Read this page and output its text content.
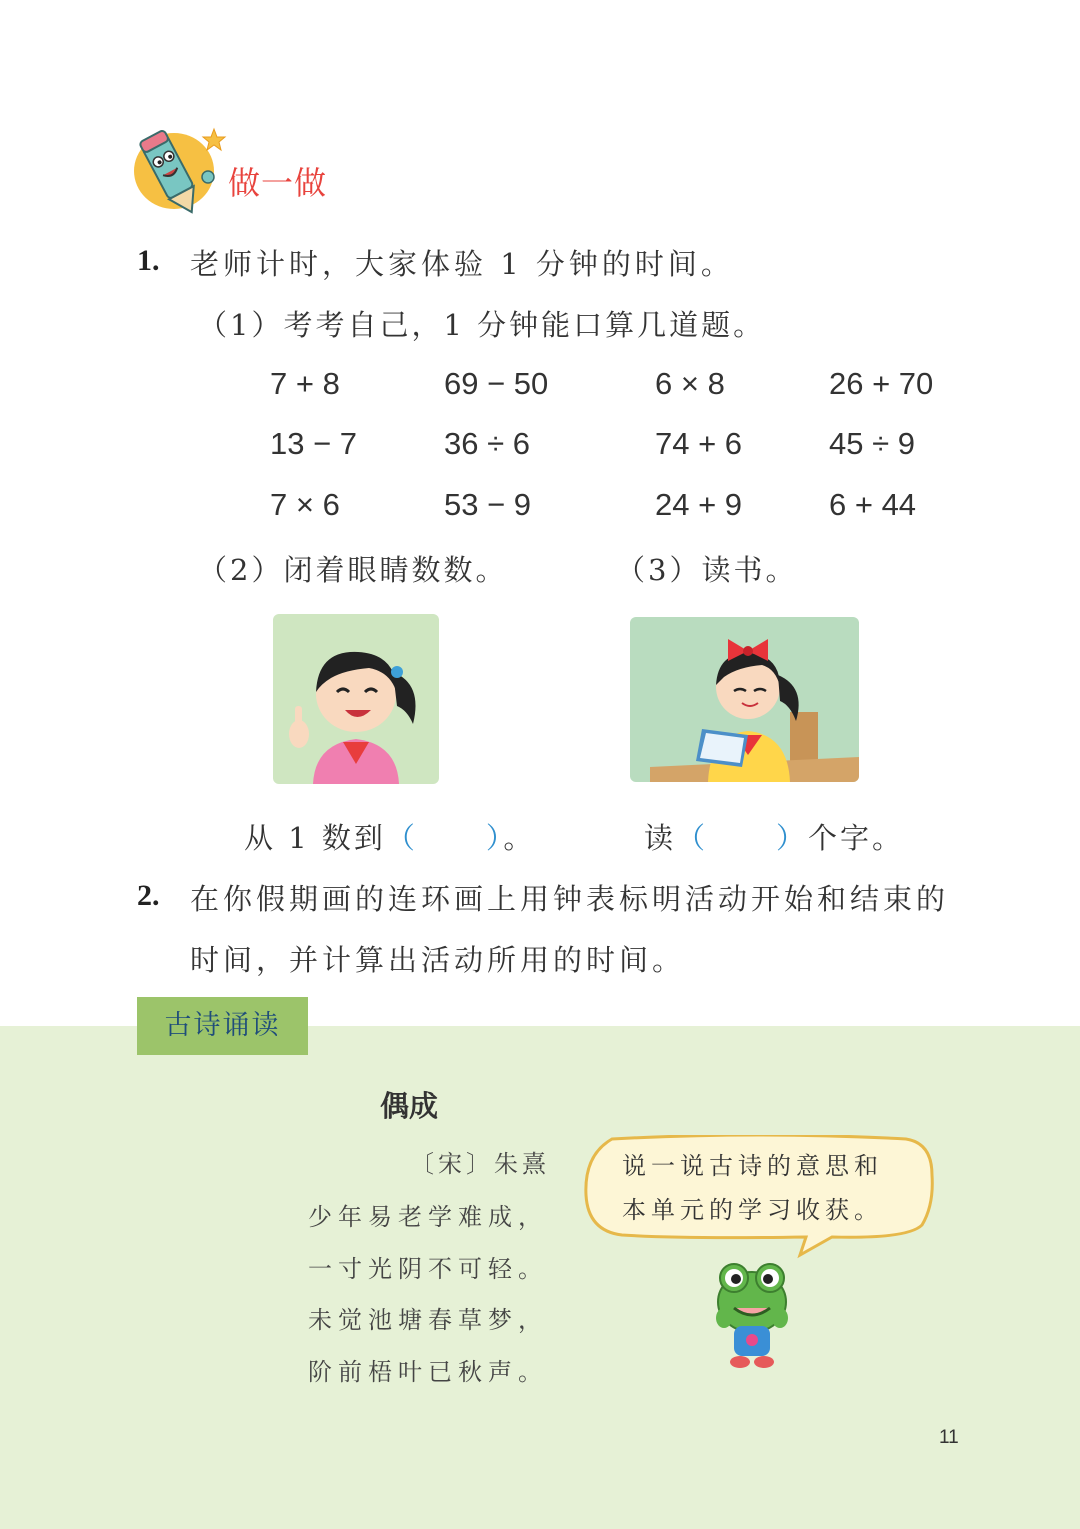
做一做
1. 老师计时，大家体验 1 分钟的时间。
（1）考考自己，1 分钟能口算几道题。
7 + 8	69 − 50	6 × 8	26 + 70
13 − 7	36 ÷ 6	74 + 6	45 ÷ 9
7 × 6	53 − 9	24 + 9	6 + 44
（2）闭着眼睛数数。	（3）读书。
从 1 数到（ ）。	读（ ）个字。
2. 在你假期画的连环画上用钟表标明活动开始和结束的
时间，并计算出活动所用的时间。
古诗诵读
偶成
〔宋〕朱熹
少年易老学难成，
一寸光阴不可轻。
未觉池塘春草梦，
阶前梧叶已秋声。
说一说古诗的意思和
本单元的学习收获。
11
